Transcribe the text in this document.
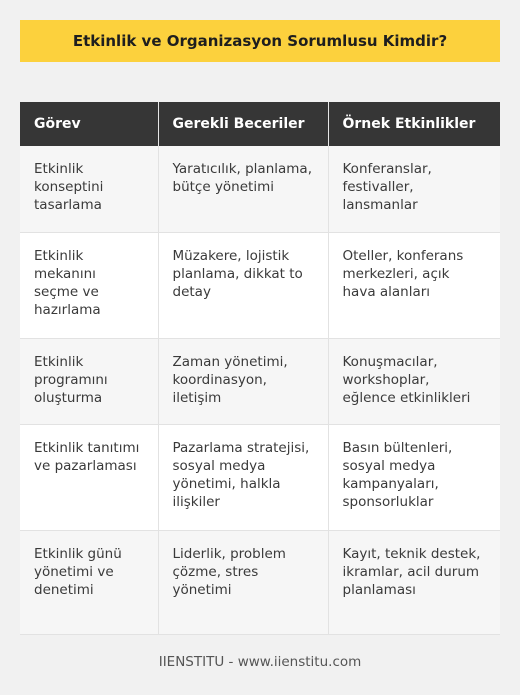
Etkinlik ve Organizasyon Sorumlusu Kimdir?
Görev	Gerekli Beceriler	Örnek Etkinlikler
Etkinlik konseptini tasarlama	Yaratıcılık, planlama, bütçe yönetimi	Konferanslar, festivaller, lansmanlar
Etkinlik mekanını seçme ve hazırlama	Müzakere, lojistik planlama, dikkat to detay	Oteller, konferans merkezleri, açık hava alanları
Etkinlik programını oluşturma	Zaman yönetimi, koordinasyon, iletişim	Konuşmacılar, workshoplar, eğlence etkinlikleri
Etkinlik tanıtımı ve pazarlaması	Pazarlama stratejisi, sosyal medya yönetimi, halkla ilişkiler	Basın bültenleri, sosyal medya kampanyaları, sponsorluklar
Etkinlik günü yönetimi ve denetimi	Liderlik, problem çözme, stres yönetimi	Kayıt, teknik destek, ikramlar, acil durum planlaması
IIENSTITU - www.iienstitu.com
